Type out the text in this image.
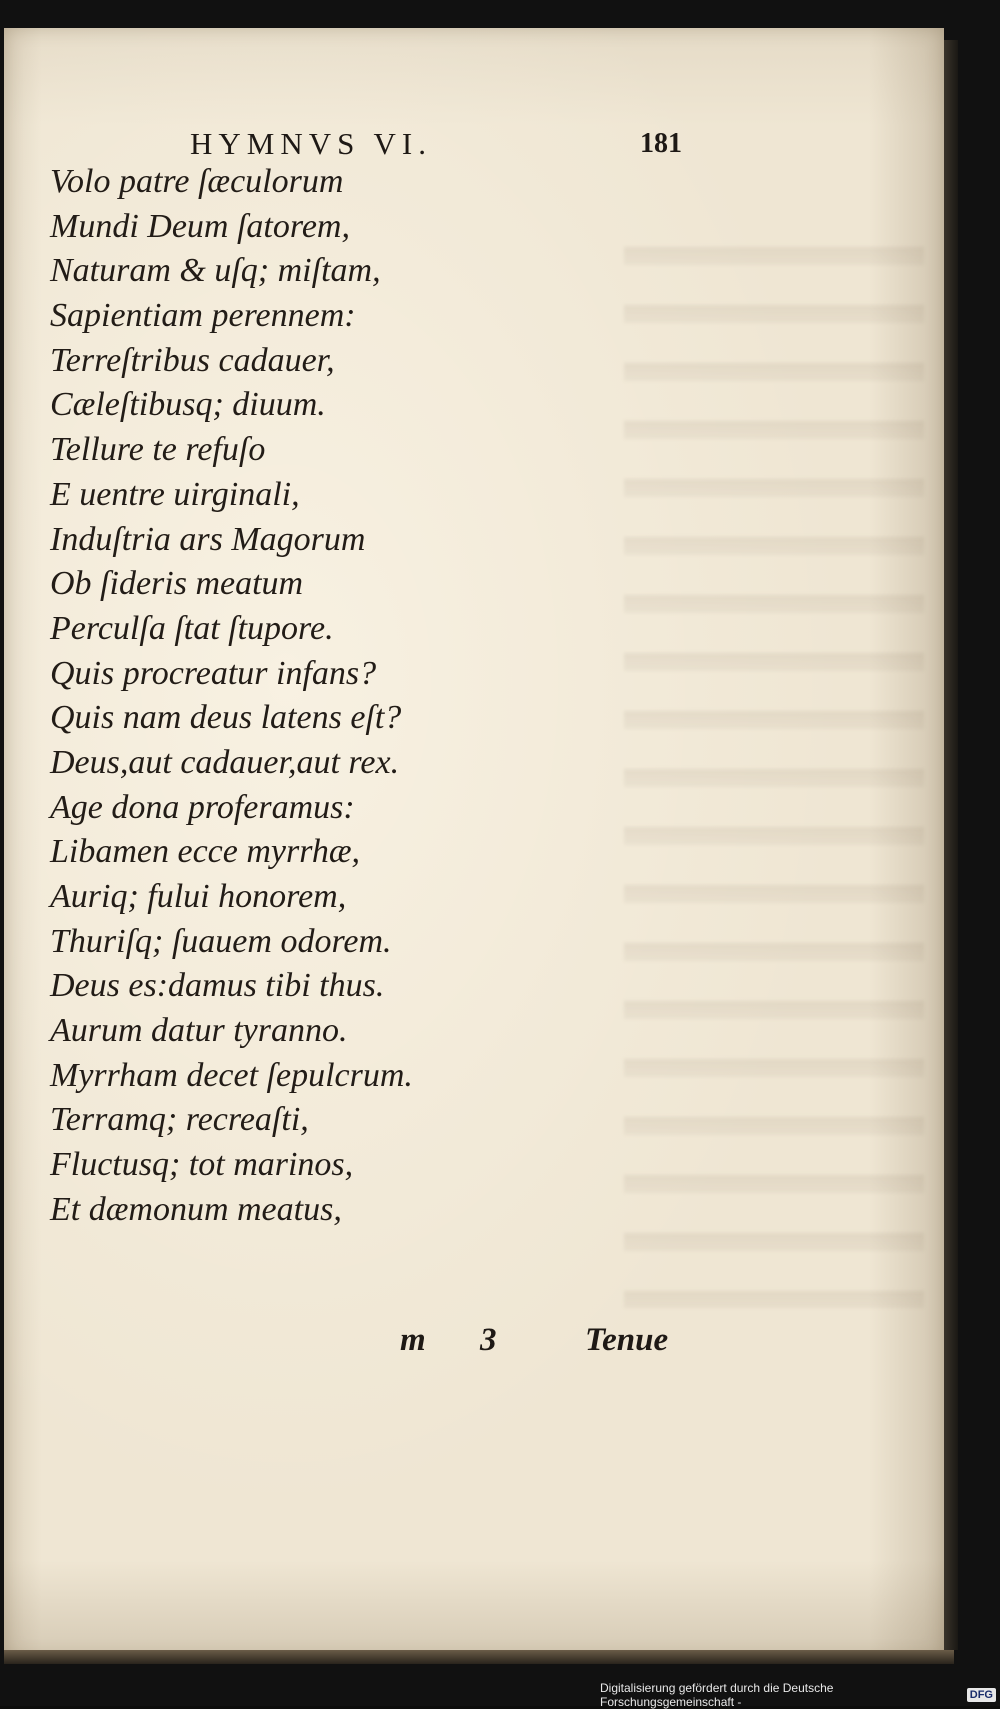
HYMNVS VI.	181
Volo patre ſæculorum
Mundi Deum ſatorem,
Naturam & uſq; miſtam,
Sapientiam perennem:
Terreſtribus cadauer,
Cæleſtibusq; diuum.
Tellure te refuſo
E uentre uirginali,
Induſtria ars Magorum
Ob ſideris meatum
Perculſa ſtat ſtupore.
Quis procreatur infans?
Quis nam deus latens eſt?
Deus,aut cadauer,aut rex.
Age dona proferamus:
Libamen ecce myrrhæ,
Auriq; fului honorem,
Thuriſq; ſuauem odorem.
Deus es:damus tibi thus.
Aurum datur tyranno.
Myrrham decet ſepulcrum.
Terramq; recreaſti,
Fluctusq; tot marinos,
Et dæmonum meatus,
m 3	Tenue
Digitalisierung gefördert durch die Deutsche Forschungsgemeinschaft -	DFG
